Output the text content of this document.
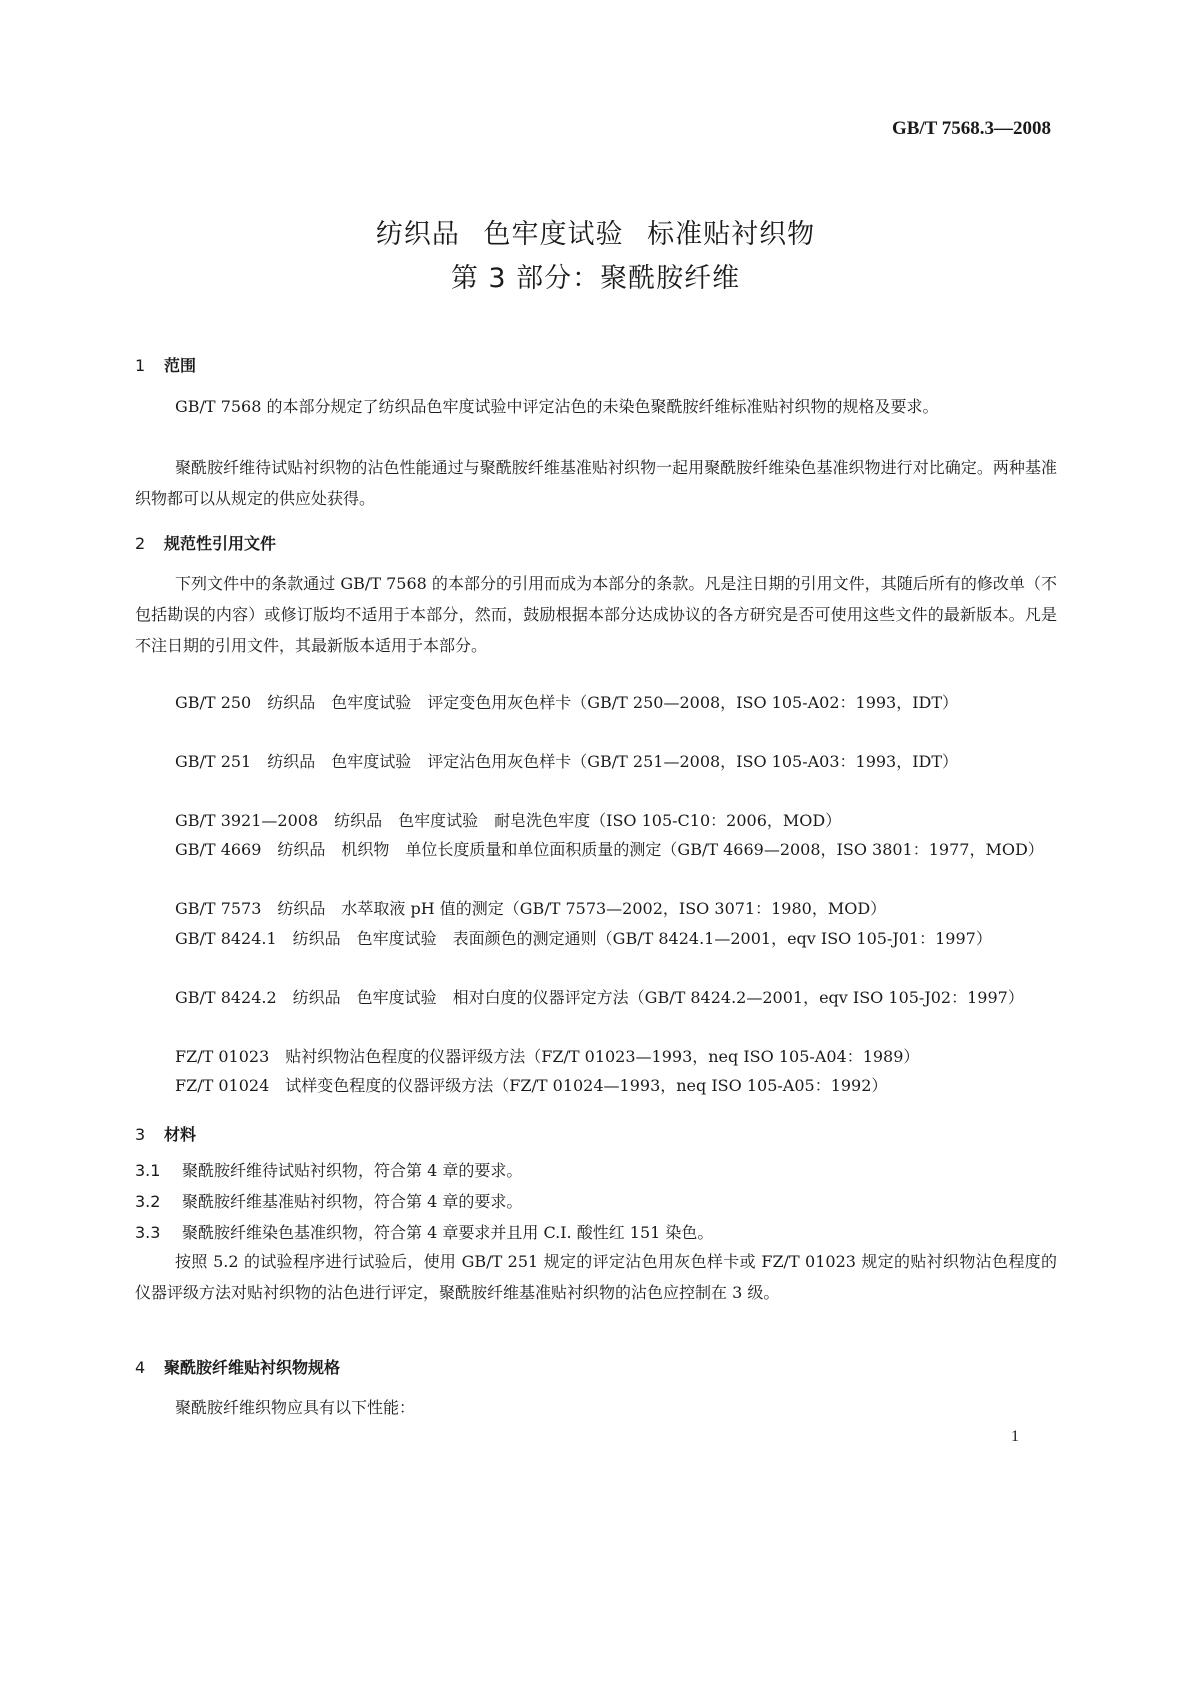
GB/T 7568.3—2008
纺织品 色牢度试验 标准贴衬织物
第 3 部分：聚酰胺纤维
1 范围
GB/T 7568 的本部分规定了纺织品色牢度试验中评定沾色的未染色聚酰胺纤维标准贴衬织物的规格及要求。
聚酰胺纤维待试贴衬织物的沾色性能通过与聚酰胺纤维基准贴衬织物一起用聚酰胺纤维染色基准织物进行对比确定。两种基准织物都可以从规定的供应处获得。
2 规范性引用文件
下列文件中的条款通过 GB/T 7568 的本部分的引用而成为本部分的条款。凡是注日期的引用文件，其随后所有的修改单（不包括勘误的内容）或修订版均不适用于本部分，然而，鼓励根据本部分达成协议的各方研究是否可使用这些文件的最新版本。凡是不注日期的引用文件，其最新版本适用于本部分。
GB/T 250　纺织品　色牢度试验　评定变色用灰色样卡（GB/T 250—2008，ISO 105-A02：1993，IDT）
GB/T 251　纺织品　色牢度试验　评定沾色用灰色样卡（GB/T 251—2008，ISO 105-A03：1993，IDT）
GB/T 3921—2008　纺织品　色牢度试验　耐皂洗色牢度（ISO 105-C10：2006，MOD）
GB/T 4669　纺织品　机织物　单位长度质量和单位面积质量的测定（GB/T 4669—2008，ISO 3801：1977，MOD）
GB/T 7573　纺织品　水萃取液 pH 值的测定（GB/T 7573—2002，ISO 3071：1980，MOD）
GB/T 8424.1　纺织品　色牢度试验　表面颜色的测定通则（GB/T 8424.1—2001，eqv ISO 105-J01：1997）
GB/T 8424.2　纺织品　色牢度试验　相对白度的仪器评定方法（GB/T 8424.2—2001，eqv ISO 105-J02：1997）
FZ/T 01023　贴衬织物沾色程度的仪器评级方法（FZ/T 01023—1993，neq ISO 105-A04：1989）
FZ/T 01024　试样变色程度的仪器评级方法（FZ/T 01024—1993，neq ISO 105-A05：1992）
3 材料
3.1 聚酰胺纤维待试贴衬织物，符合第 4 章的要求。
3.2 聚酰胺纤维基准贴衬织物，符合第 4 章的要求。
3.3 聚酰胺纤维染色基准织物，符合第 4 章要求并且用 C.I. 酸性红 151 染色。
按照 5.2 的试验程序进行试验后，使用 GB/T 251 规定的评定沾色用灰色样卡或 FZ/T 01023 规定的贴衬织物沾色程度的仪器评级方法对贴衬织物的沾色进行评定，聚酰胺纤维基准贴衬织物的沾色应控制在 3 级。
4 聚酰胺纤维贴衬织物规格
聚酰胺纤维织物应具有以下性能：
1
